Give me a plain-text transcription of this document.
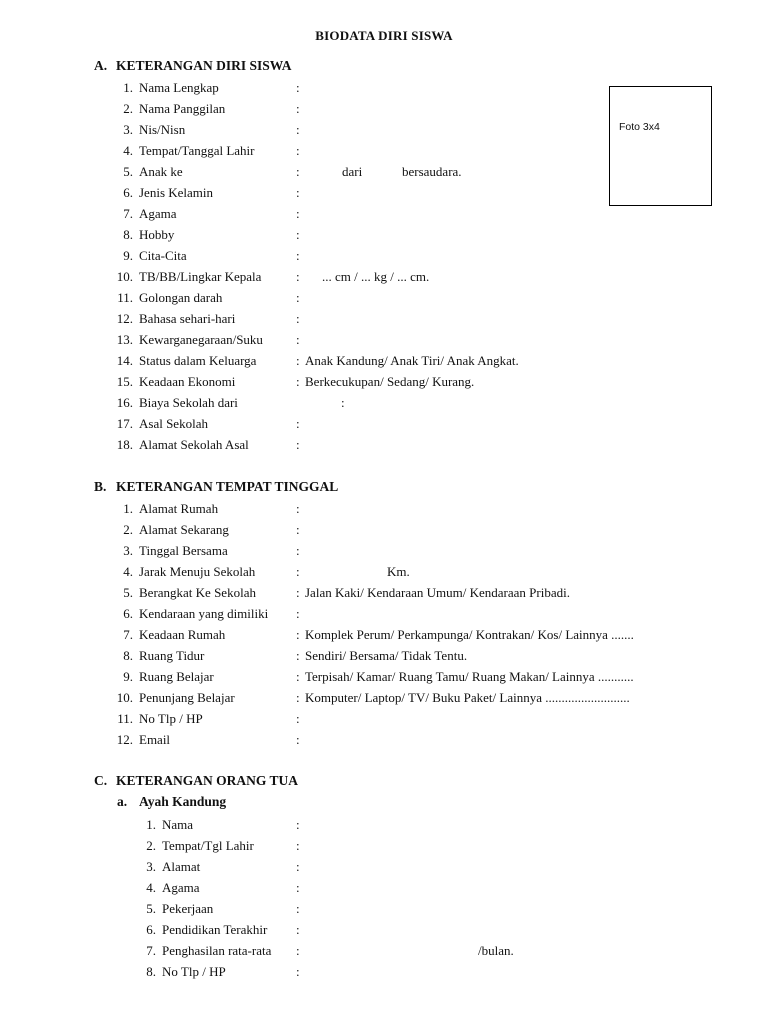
BIODATA DIRI SISWA
Foto 3x4
A. KETERANGAN DIRI SISWA
1. Nama Lengkap	:
2. Nama Panggilan	:
3. Nis/Nisn	:
4. Tempat/Tanggal Lahir	:
5. Anak ke	:	dari	bersaudara.
6. Jenis Kelamin	:
7. Agama	:
8. Hobby	:
9. Cita-Cita	:
10. TB/BB/Lingkar Kepala	: ... cm / ... kg / ... cm.
11. Golongan darah	:
12. Bahasa sehari-hari	:
13. Kewarganegaraan/Suku	:
14. Status dalam Keluarga	: Anak Kandung/ Anak Tiri/ Anak Angkat.
15. Keadaan Ekonomi	: Berkecukupan/ Sedang/ Kurang.
16. Biaya Sekolah dari	:
17. Asal Sekolah	:
18. Alamat Sekolah Asal	:
B. KETERANGAN TEMPAT TINGGAL
1. Alamat Rumah	:
2. Alamat Sekarang	:
3. Tinggal Bersama	:
4. Jarak Menuju Sekolah	:	Km.
5. Berangkat Ke Sekolah	: Jalan Kaki/ Kendaraan Umum/ Kendaraan Pribadi.
6. Kendaraan yang dimiliki :
7. Keadaan Rumah	: Komplek Perum/ Perkampunga/ Kontrakan/ Kos/ Lainnya .......
8. Ruang Tidur	: Sendiri/ Bersama/ Tidak Tentu.
9. Ruang Belajar	: Terpisah/ Kamar/ Ruang Tamu/ Ruang Makan/ Lainnya ...........
10. Penunjang Belajar	: Komputer/ Laptop/ TV/ Buku Paket/ Lainnya ..........................
11. No Tlp / HP	:
12. Email	:
C. KETERANGAN ORANG TUA
a. Ayah Kandung
1. Nama	:
2. Tempat/Tgl Lahir	:
3. Alamat	:
4. Agama	:
5. Pekerjaan	:
6. Pendidikan Terakhir :
7. Penghasilan rata-rata :	/bulan.
8. No Tlp / HP	:
